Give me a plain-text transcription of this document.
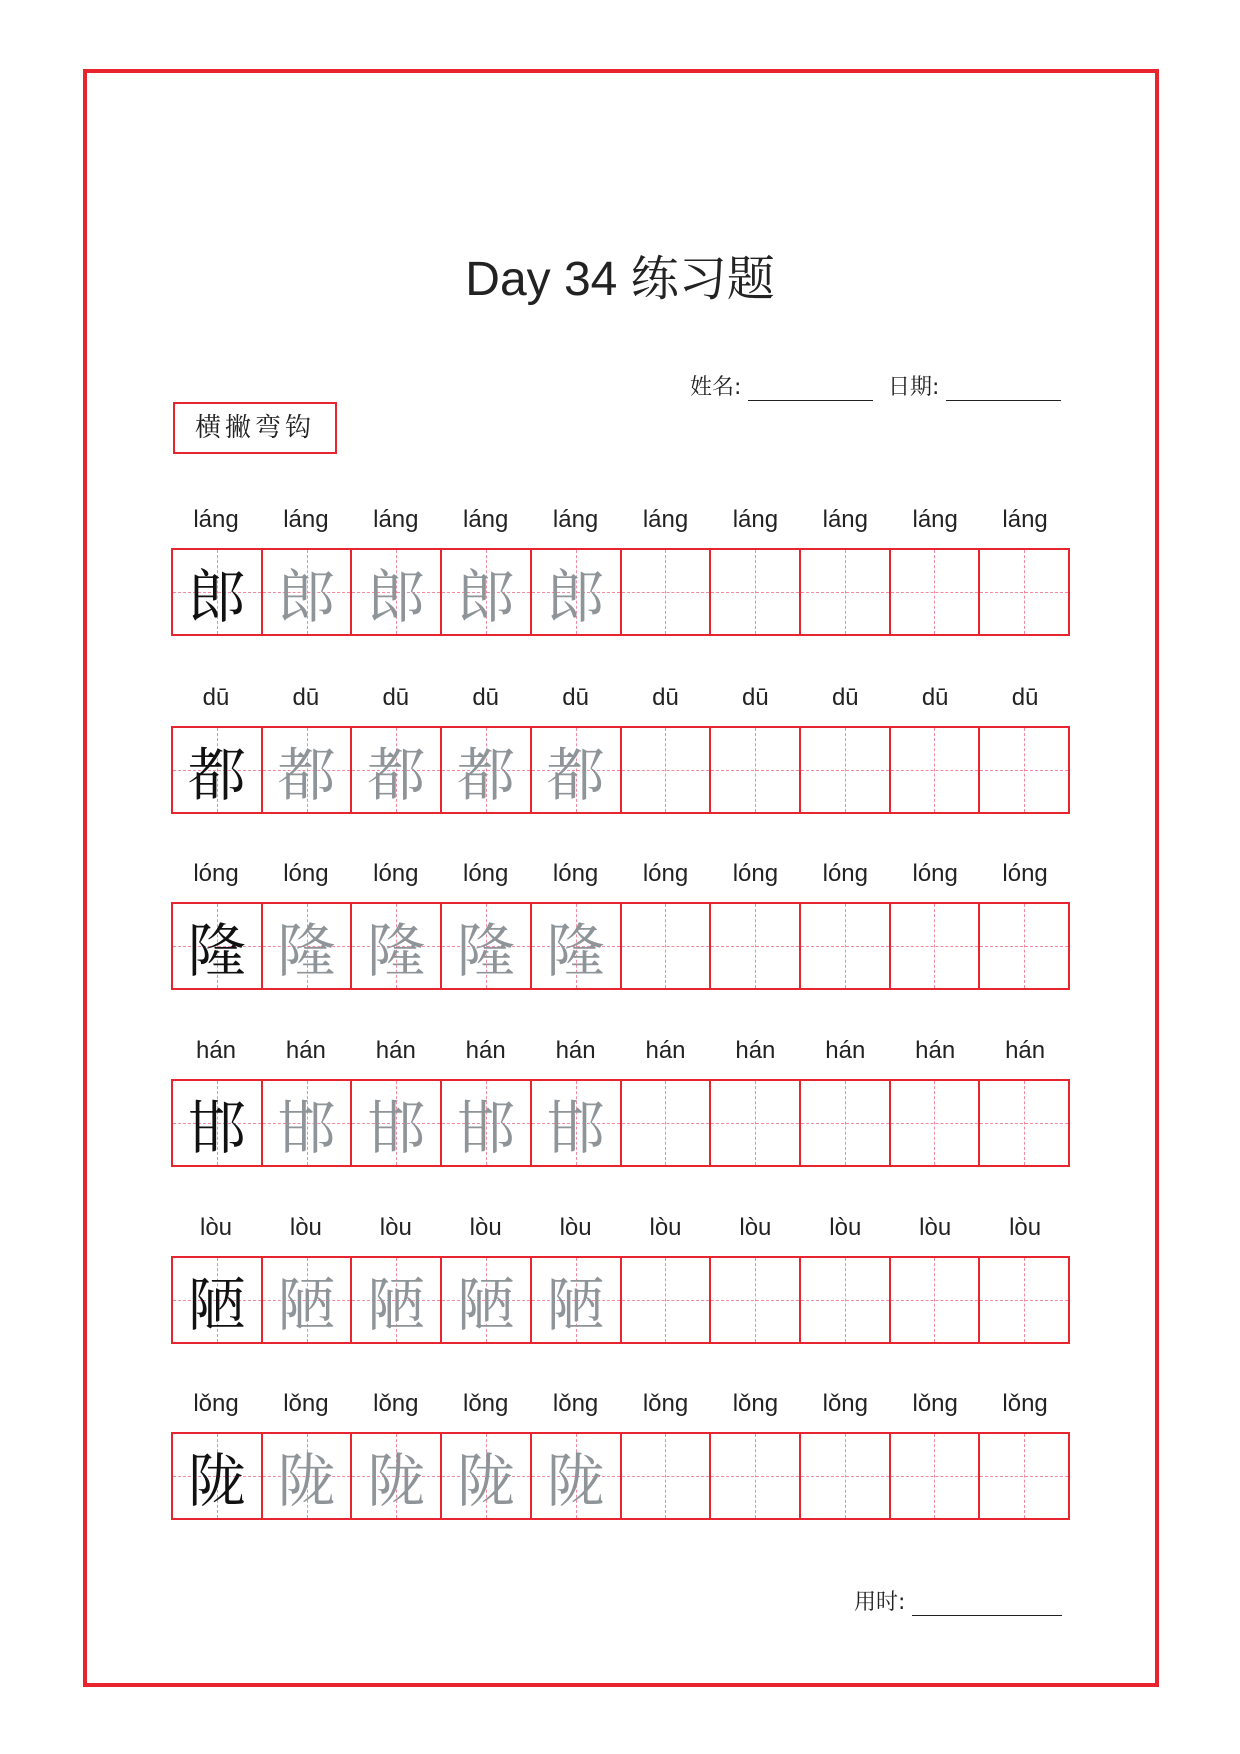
Day 34 练习题
姓名:	日期:
横撇弯钩
láng	láng	láng	láng	láng	láng	láng	láng	láng	láng
郎 郎 郎 郎 郎
dū	dū	dū	dū	dū	dū	dū	dū	dū	dū
都 都 都 都 都
lóng	lóng	lóng	lóng	lóng	lóng	lóng	lóng	lóng	lóng
隆 隆 隆 隆 隆
hán	hán	hán	hán	hán	hán	hán	hán	hán	hán
邯 邯 邯 邯 邯
lòu	lòu	lòu	lòu	lòu	lòu	lòu	lòu	lòu	lòu
陋 陋 陋 陋 陋
lǒng	lǒng	lǒng	lǒng	lǒng	lǒng	lǒng	lǒng	lǒng	lǒng
陇 陇 陇 陇 陇
用时:
